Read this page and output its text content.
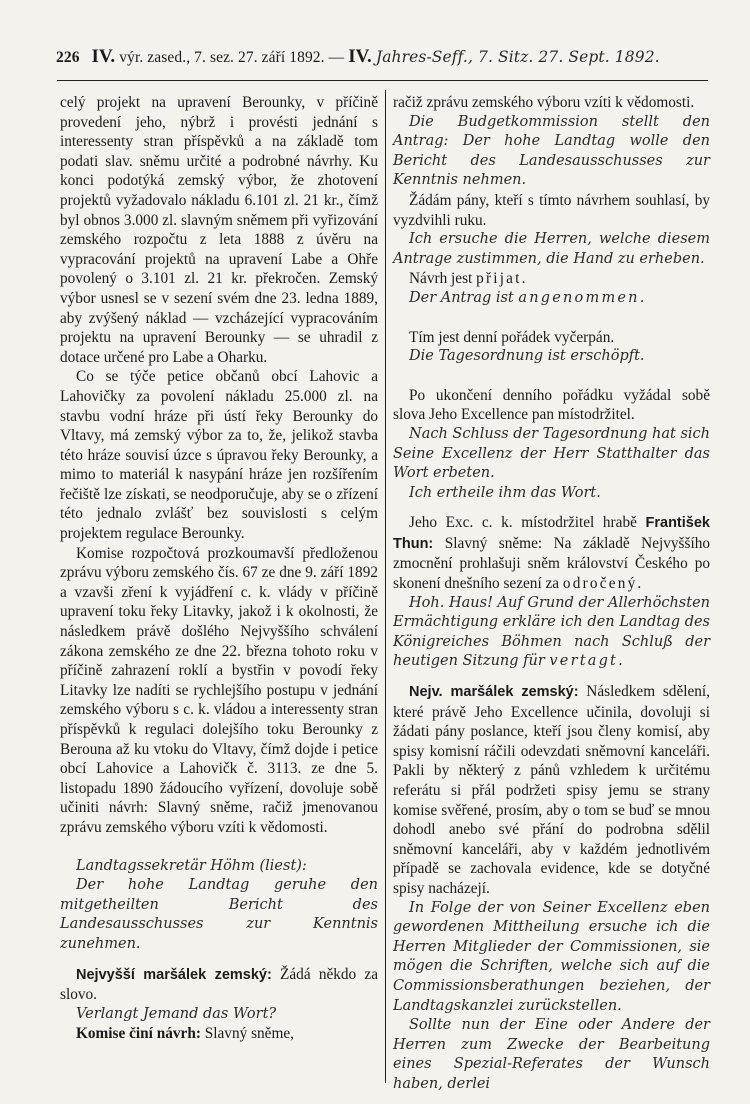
226 IV. výr. zased., 7. sez. 27. září 1892. — IV. Jahres-Seff., 7. Sitz. 27. Sept. 1892.

celý projekt na upravení Berounky, v příčině provedení jeho, nýbrž i provésti jednání s interessenty stran příspěvků a na základě tom podati slav. sněmu určité a podrobné návrhy. Ku konci podotýká zemský výbor, že zhotovení projektů vyžadovalo nákladu 6.101 zl. 21 kr., čímž byl obnos 3.000 zl. slavným sněmem při vyřizování zemského rozpočtu z leta 1888 z úvěru na vypracování projektů na upravení Labe a Ohře povolený o 3.101 zl. 21 kr. překročen. Zemský výbor usnesl se v sezení svém dne 23. ledna 1889, aby zvýšený náklad — vzcházející vypracováním projektu na upravení Berounky — se uhradil z dotace určené pro Labe a Oharku.

Co se týče petice občanů obcí Lahovic a Lahovičky za povolení nákladu 25.000 zl. na stavbu vodní hráze při ústí řeky Berounky do Vltavy, má zemský výbor za to, že, jelikož stavba této hráze souvisí úzce s úpravou řeky Berounky, a mimo to materiál k nasypání hráze jen rozšířením řečiště lze získati, se neodporučuje, aby se o zřízení této jednalo zvlášť bez souvislosti s celým projektem regulace Berounky.

Komise rozpočtová prozkoumavší předloženou zprávu výboru zemského čís. 67 ze dne 9. září 1892 a vzavši zření k vyjádření c. k. vlády v příčině upravení toku řeky Litavky, jakož i k okolnosti, že následkem právě došlého Nejvyššího schválení zákona zemského ze dne 22. března tohoto roku v příčině zahrazení roklí a bystřin v povodí řeky Litavky lze nadíti se rychlejšího postupu v jednání zemského výboru s c. k. vládou a interessenty stran příspěvků k regulaci dolejšího toku Berounky z Berouna až ku vtoku do Vltavy, čímž dojde i petice obcí Lahovice a Lahovičk č. 3113. ze dne 5. listopadu 1890 žádoucího vyřízení, dovoluje sobě učiniti návrh: Slavný sněme, račiž jmenovanou zprávu zemského výboru vzíti k vědomosti.

Landtagssekretär Höhm (liest):

Der hohe Landtag geruhe den mitgetheilten Bericht des Landesausschusses zur Kenntnis zunehmen.

Nejvyšší maršálek zemský: Žádá někdo za slovo.

Verlangt Jemand das Wort?

Komise činí návrh: Slavný sněme,

račiž zprávu zemského výboru vzíti k vědomosti.

Die Budgetkommission stellt den Antrag: Der hohe Landtag wolle den Bericht des Landesausschusses zur Kenntnis nehmen.

Žádám pány, kteří s tímto návrhem souhlasí, by vyzdvihli ruku.

Ich ersuche die Herren, welche diesem Antrage zustimmen, die Hand zu erheben.

Návrh jest přijat.

Der Antrag ist angenommen.

Tím jest denní pořádek vyčerpán.

Die Tagesordnung ist erschöpft.

Po ukončení denního pořádku vyžádal sobě slova Jeho Excellence pan místodržitel.

Nach Schluss der Tagesordnung hat sich Seine Excellenz der Herr Statthalter das Wort erbeten.

Ich ertheile ihm das Wort.

Jeho Exc. c. k. místodržitel hrabě František Thun: Slavný sněme: Na základě Nejvyššího zmocnění prohlašuji sněm království Českého po skonení dnešního sezení za odročený.

Hoh. Haus! Auf Grund der Allerhöchsten Ermächtigung erkläre ich den Landtag des Königreiches Böhmen nach Schluß der heutigen Sitzung für vertagt.

Nejv. maršálek zemský: Následkem sdělení, které právě Jeho Excellence učinila, dovoluji si žádati pány poslance, kteří jsou členy komisí, aby spisy komisní ráčili odevzdati sněmovní kanceláři. Pakli by některý z pánů vzhledem k určitému referátu si přál podržeti spisy jemu se strany komise svěřené, prosím, aby o tom se buď se mnou dohodl anebo své přání do podrobna sdělil sněmovní kanceláři, aby v každém jednotlivém případě se zachovala evidence, kde se dotyčné spisy nacházejí.

In Folge der von Seiner Excellenz eben gewordenen Mittheilung ersuche ich die Herren Mitglieder der Commissionen, sie mögen die Schriften, welche sich auf die Commissionsberathungen beziehen, der Landtagskanzlei zurückstellen.

Sollte nun der Eine oder Andere der Herren zum Zwecke der Bearbeitung eines Spezial-Referates der Wunsch haben, derlei
